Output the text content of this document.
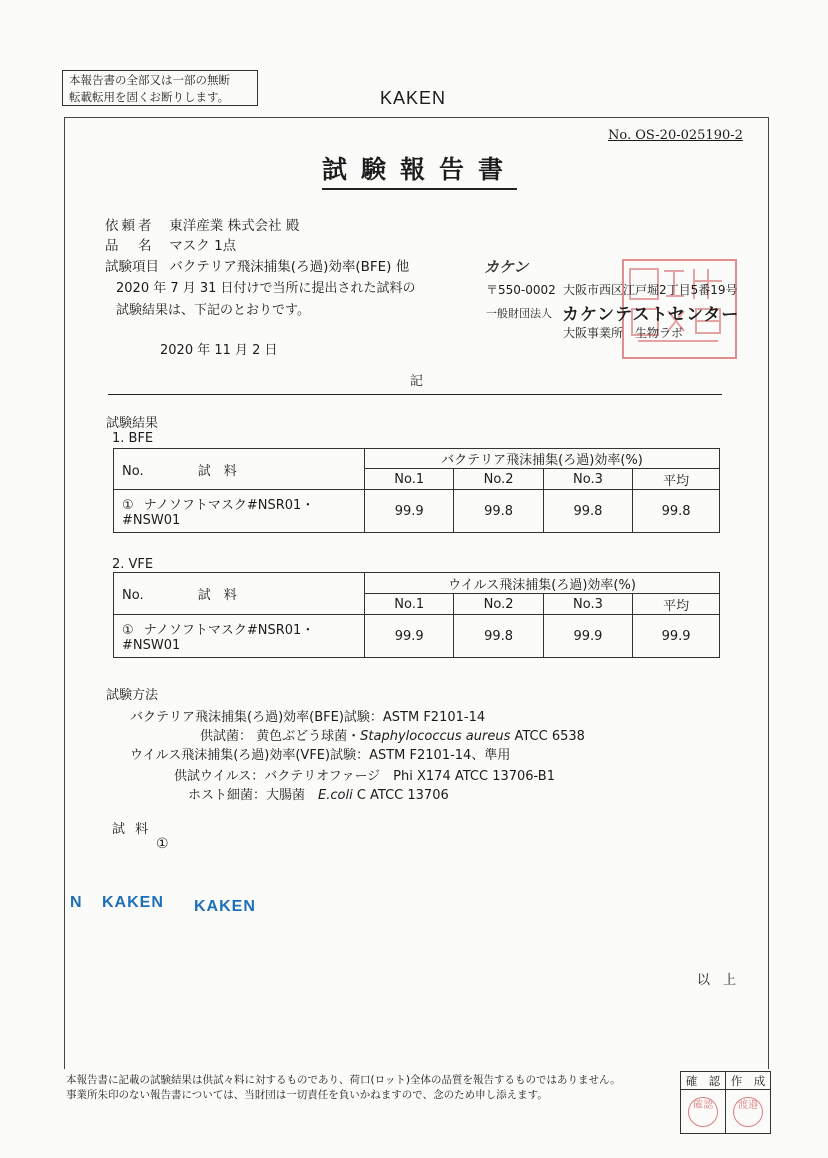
本報告書の全部又は一部の無断
転載転用を固くお断りします。	KAKEN
No. OS-20-025190-2
試験報告書
依頼者 東洋産業 株式会社 殿
品　名 マスク 1点
試験項目 バクテリア飛沫捕集(ろ過)効率(BFE) 他
2020 年 7 月 31 日付けで当所に提出された試料の
試験結果は、下記のとおりです。
2020 年 11 月 2 日
カケン
〒550-0002 大阪市西区江戸堀2丁目5番19号
一般財団法人 カケンテストセンター
大阪事業所　生物ラボ
記
試験結果
1. BFE
No. 試　料	バクテリア飛沫捕集(ろ過)効率(%)			
	No.1	No.2	No.3	平均
① ナノソフトマスク#NSR01・#NSW01	99.9	99.8	99.8	99.8
2. VFE
No. 試　料	ウイルス飛沫捕集(ろ過)効率(%)			
	No.1	No.2	No.3	平均
① ナノソフトマスク#NSR01・#NSW01	99.9	99.8	99.9	99.9
試験方法
バクテリア飛沫捕集(ろ過)効率(BFE)試験：ASTM F2101-14
供試菌： 黄色ぶどう球菌・Staphylococcus aureus ATCC 6538
ウイルス飛沫捕集(ろ過)効率(VFE)試験：ASTM F2101-14、準用
供試ウイルス：バクテリオファージ　Phi X174 ATCC 13706-B1
ホスト細菌：大腸菌　E.coli C ATCC 13706
試 料
①
N KAKEN KAKEN
以　上
本報告書に記載の試験結果は供試々料に対するものであり、荷口(ロット)全体の品質を報告するものではありません。
事業所朱印のない報告書については、当財団は一切責任を負いかねますので、念のため申し添えます。
確　認	作　成
確認	渡邉
